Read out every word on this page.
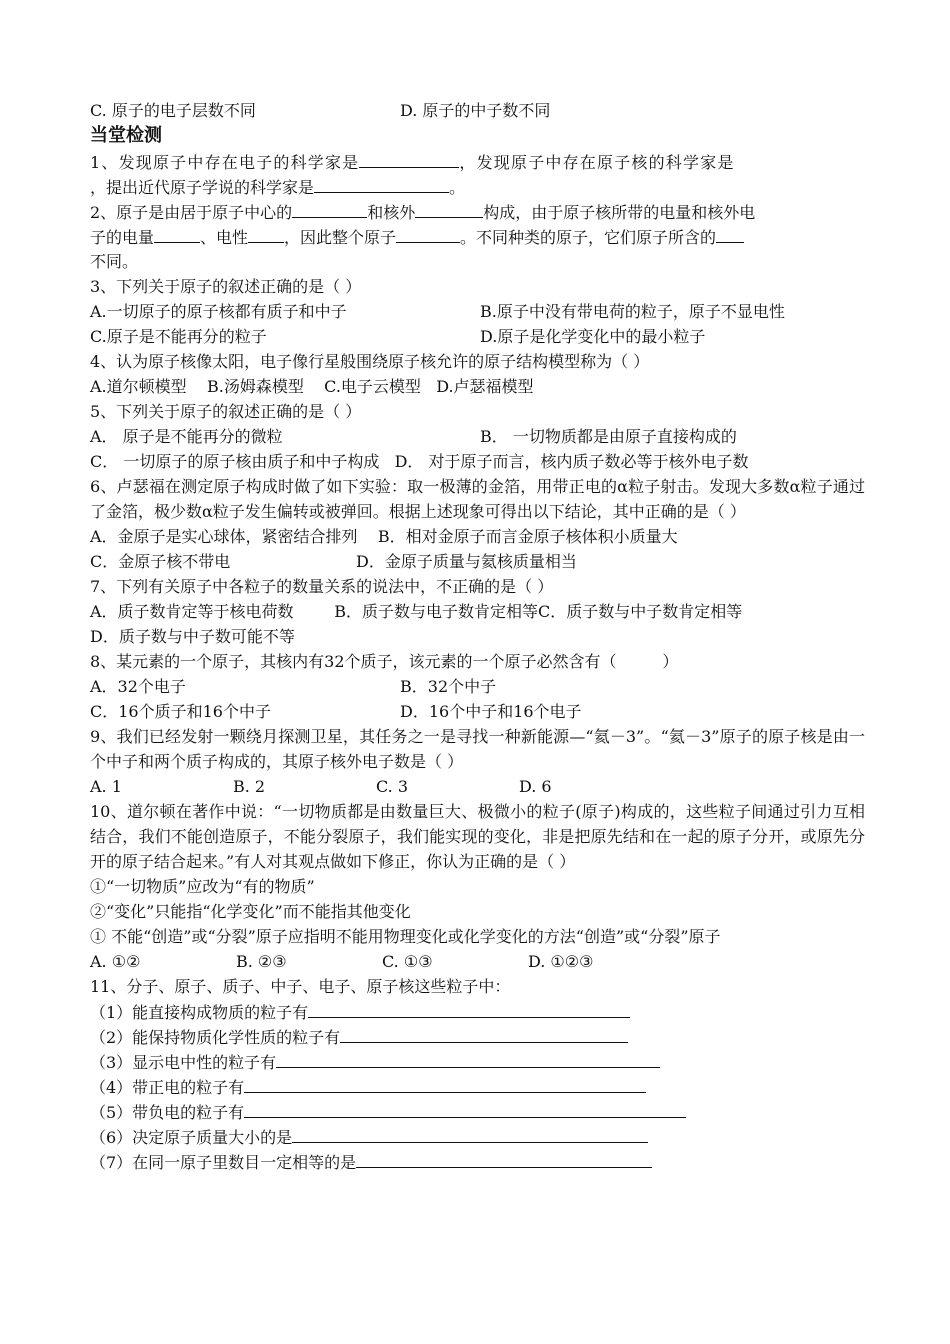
C. 原子的电子层数不同	D. 原子的中子数不同
当堂检测
1、发现原子中存在电子的科学家是	，发现原子中存在原子核的科学家是
，提出近代原子学说的科学家是	。
2、原子是由居于原子中心的	和核外	构成，由于原子核所带的电量和核外电
子的电量	、电性 ，因此整个原子	。不同种类的原子，它们原子所含的
不同。
3、下列关于原子的叙述正确的是（ ）
A.一切原子的原子核都有质子和中子	B.原子中没有带电荷的粒子，原子不显电性
C.原子是不能再分的粒子	D.原子是化学变化中的最小粒子
4、认为原子核像太阳，电子像行星般围绕原子核允许的原子结构模型称为（ ）
A.道尔顿模型    B.汤姆森模型    C.电子云模型   D.卢瑟福模型
5、下列关于原子的叙述正确的是（ ）
A． 原子是不能再分的微粒	B． 一切物质都是由原子直接构成的
C． 一切原子的原子核由质子和中子构成   D． 对于原子而言，核内质子数必等于核外电子数
6、卢瑟福在测定原子构成时做了如下实验：取一极薄的金箔，用带正电的α粒子射击。发现大多数α粒子通过了金箔，极少数α粒子发生偏转或被弹回。根据上述现象可得出以下结论，其中正确的是（ ）
A．金原子是实心球体，紧密结合排列    B．相对金原子而言金原子核体积小质量大
C．金原子核不带电	D．金原子质量与氦核质量相当
7、下列有关原子中各粒子的数量关系的说法中，不正确的是（ ）
A．质子数肯定等于核电荷数        B．质子数与电子数肯定相等C．质子数与中子数肯定相等
D．质子数与中子数可能不等
8、某元素的一个原子，其核内有32个质子，该元素的一个原子必然含有（         ）
A．32个电子	B．32个中子
C．16个质子和16个中子	D．16个中子和16个电子
9、我们已经发射一颗绕月探测卫星，其任务之一是寻找一种新能源—“氦－3”。“氦－3”原子的原子核是由一个中子和两个质子构成的，其原子核外电子数是（ ）
A. 1	B. 2	C. 3	D. 6
10、道尔顿在著作中说：“一切物质都是由数量巨大、极微小的粒子(原子)构成的，这些粒子间通过引力互相结合，我们不能创造原子，不能分裂原子，我们能实现的变化，非是把原先结和在一起的原子分开，或原先分开的原子结合起来。”有人对其观点做如下修正，你认为正确的是（ ）
①“一切物质”应改为“有的物质”
②“变化”只能指“化学变化”而不能指其他变化
① 不能“创造”或“分裂”原子应指明不能用物理变化或化学变化的方法“创造”或“分裂”原子
A. ①②	B. ②③	C. ①③	D. ①②③
11、分子、原子、质子、中子、电子、原子核这些粒子中：
（1）能直接构成物质的粒子有
（2）能保持物质化学性质的粒子有
（3）显示电中性的粒子有
（4）带正电的粒子有
（5）带负电的粒子有
（6）决定原子质量大小的是
（7）在同一原子里数目一定相等的是
